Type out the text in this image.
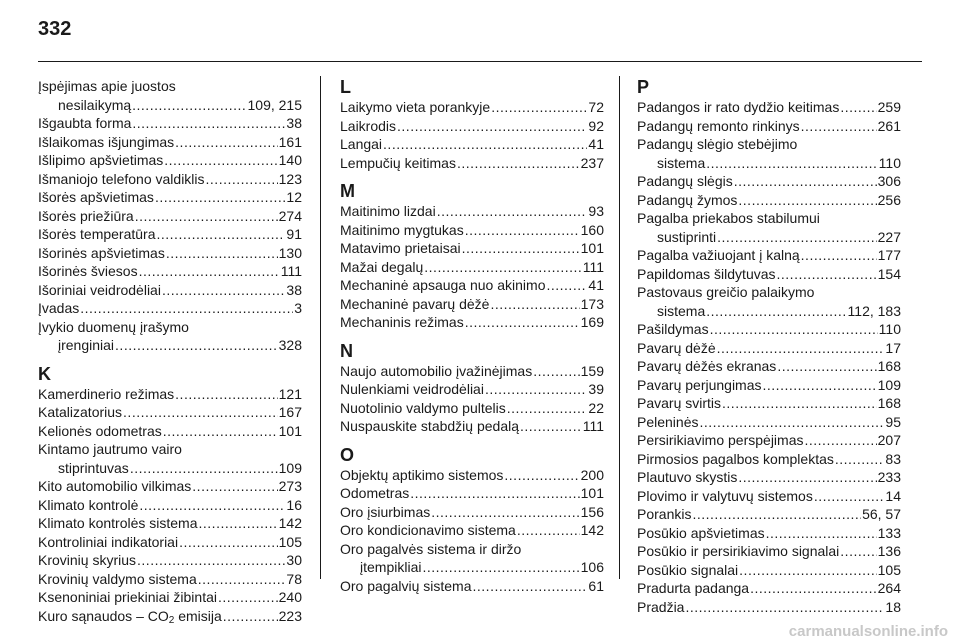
332
Įspėjimas apie juostos
nesilaikymą .....	109, 215
Išgaubta forma .....	38
Išlaikomas išjungimas .....	161
Išlipimo apšvietimas .....	140
Išmaniojo telefono valdiklis .....	123
Išorės apšvietimas .....	12
Išorės priežiūra .....	274
Išorės temperatūra .....	91
Išorinės apšvietimas .....	130
Išorinės šviesos .....	111
Išoriniai veidrodėliai .....	38
Įvadas .....	3
Įvykio duomenų įrašymo
įrenginiai .....	328
K
Kamerdinerio režimas .....	121
Katalizatorius .....	167
Kelionės odometras .....	101
Kintamo jautrumo vairo
stiprintuvas .....	109
Kito automobilio vilkimas .....	273
Klimato kontrolė .....	16
Klimato kontrolės sistema .....	142
Kontroliniai indikatoriai .....	105
Krovinių skyrius .....	30
Krovinių valdymo sistema .....	78
Ksenoniniai priekiniai žibintai .....	240
Kuro sąnaudos – $CO_2$ emisija .....	223
L
Laikymo vieta porankyje .....	72
Laikrodis .....	92
Langai .....	41
Lempučių keitimas .....	237
M
Maitinimo lizdai .....	93
Maitinimo mygtukas .....	160
Matavimo prietaisai .....	101
Mažai degalų .....	111
Mechaninė apsauga nuo akinimo .....	41
Mechaninė pavarų dėžė .....	173
Mechaninis režimas .....	169
N
Naujo automobilio įvažinėjimas .....	159
Nulenkiami veidrodėliai .....	39
Nuotolinio valdymo pultelis .....	22
Nuspauskite stabdžių pedalą .....	111
O
Objektų aptikimo sistemos .....	200
Odometras .....	101
Oro įsiurbimas .....	156
Oro kondicionavimo sistema .....	142
Oro pagalvės sistema ir diržo
įtempikliai .....	106
Oro pagalvių sistema .....	61
P
Padangos ir rato dydžio keitimas .....	259
Padangų remonto rinkinys .....	261
Padangų slėgio stebėjimo
sistema .....	110
Padangų slėgis .....	306
Padangų žymos .....	256
Pagalba priekabos stabilumui
sustiprinti .....	227
Pagalba važiuojant į kalną .....	177
Papildomas šildytuvas .....	154
Pastovaus greičio palaikymo
sistema .....	112, 183
Pašildymas .....	110
Pavarų dėžė .....	17
Pavarų dėžės ekranas .....	168
Pavarų perjungimas .....	109
Pavarų svirtis .....	168
Peleninės .....	95
Persirikiavimo perspėjimas .....	207
Pirmosios pagalbos komplektas .....	83
Plautuvo skystis .....	233
Plovimo ir valytuvų sistemos .....	14
Porankis .....	56, 57
Posūkio apšvietimas .....	133
Posūkio ir persirikiavimo signalai .....	136
Posūkio signalai .....	105
Pradurta padanga .....	264
Pradžia .....	18
carmanualsonline.info
